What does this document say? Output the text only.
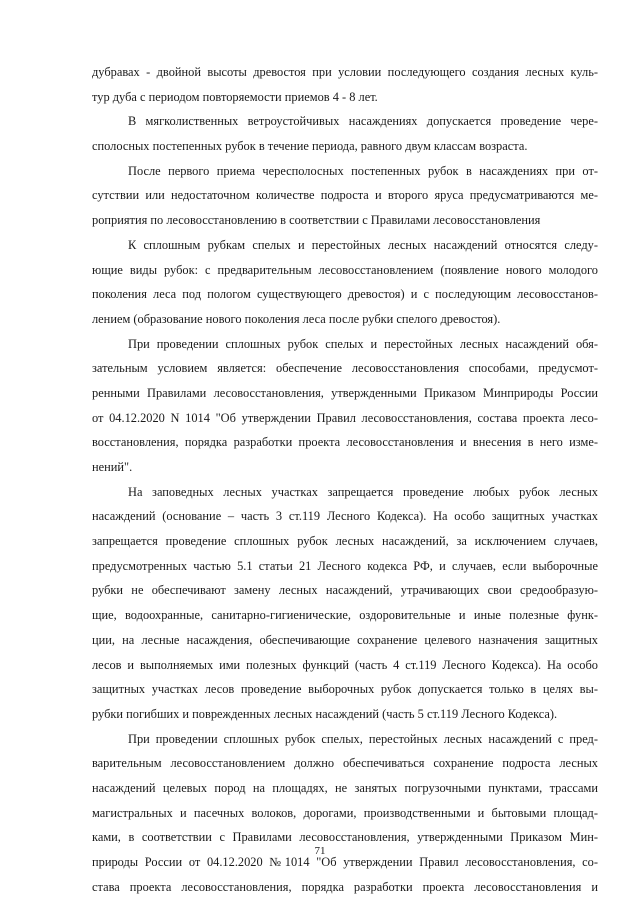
дубравах - двойной высоты древостоя при условии последующего создания лесных куль-
тур дуба с периодом повторяемости приемов 4 - 8 лет.
В мягколиственных ветроустойчивых насаждениях допускается проведение чере-
сполосных постепенных рубок в течение периода, равного двум классам возраста.
После первого приема чересполосных постепенных рубок в насаждениях при от-
сутствии или недостаточном количестве подроста и второго яруса предусматриваются ме-
роприятия по лесовосстановлению в соответствии с Правилами лесовосстановления
К сплошным рубкам спелых и перестойных лесных насаждений относятся следу-
ющие виды рубок: с предварительным лесовосстановлением (появление нового молодого
поколения леса под пологом существующего древостоя) и с последующим лесовосстанов-
лением (образование нового поколения леса после рубки спелого древостоя).
При проведении сплошных рубок спелых и перестойных лесных насаждений обя-
зательным условием является: обеспечение лесовосстановления способами, предусмот-
ренными Правилами лесовосстановления, утвержденными Приказом Минприроды России
от 04.12.2020 N 1014 "Об утверждении Правил лесовосстановления, состава проекта лесо-
восстановления, порядка разработки проекта лесовосстановления и внесения в него изме-
нений".
На заповедных лесных участках запрещается проведение любых рубок лесных
насаждений (основание – часть 3 ст.119 Лесного Кодекса). На особо защитных участках
запрещается проведение сплошных рубок лесных насаждений, за исключением случаев,
предусмотренных частью 5.1 статьи 21 Лесного кодекса РФ, и случаев, если выборочные
рубки не обеспечивают замену лесных насаждений, утрачивающих свои средообразую-
щие, водоохранные, санитарно-гигиенические, оздоровительные и иные полезные функ-
ции, на лесные насаждения, обеспечивающие сохранение целевого назначения защитных
лесов и выполняемых ими полезных функций (часть 4 ст.119 Лесного Кодекса). На особо
защитных участках лесов проведение выборочных рубок допускается только в целях вы-
рубки погибших и поврежденных лесных насаждений (часть 5 ст.119 Лесного Кодекса).
При проведении сплошных рубок спелых, перестойных лесных насаждений с пред-
варительным лесовосстановлением должно обеспечиваться сохранение подроста лесных
насаждений целевых пород на площадях, не занятых погрузочными пунктами, трассами
магистральных и пасечных волоков, дорогами, производственными и бытовыми площад-
ками, в соответствии с Правилами лесовосстановления, утвержденными Приказом Мин-
природы России от 04.12.2020 №1014 "Об утверждении Правил лесовосстановления, со-
става проекта лесовосстановления, порядка разработки проекта лесовосстановления и
71
